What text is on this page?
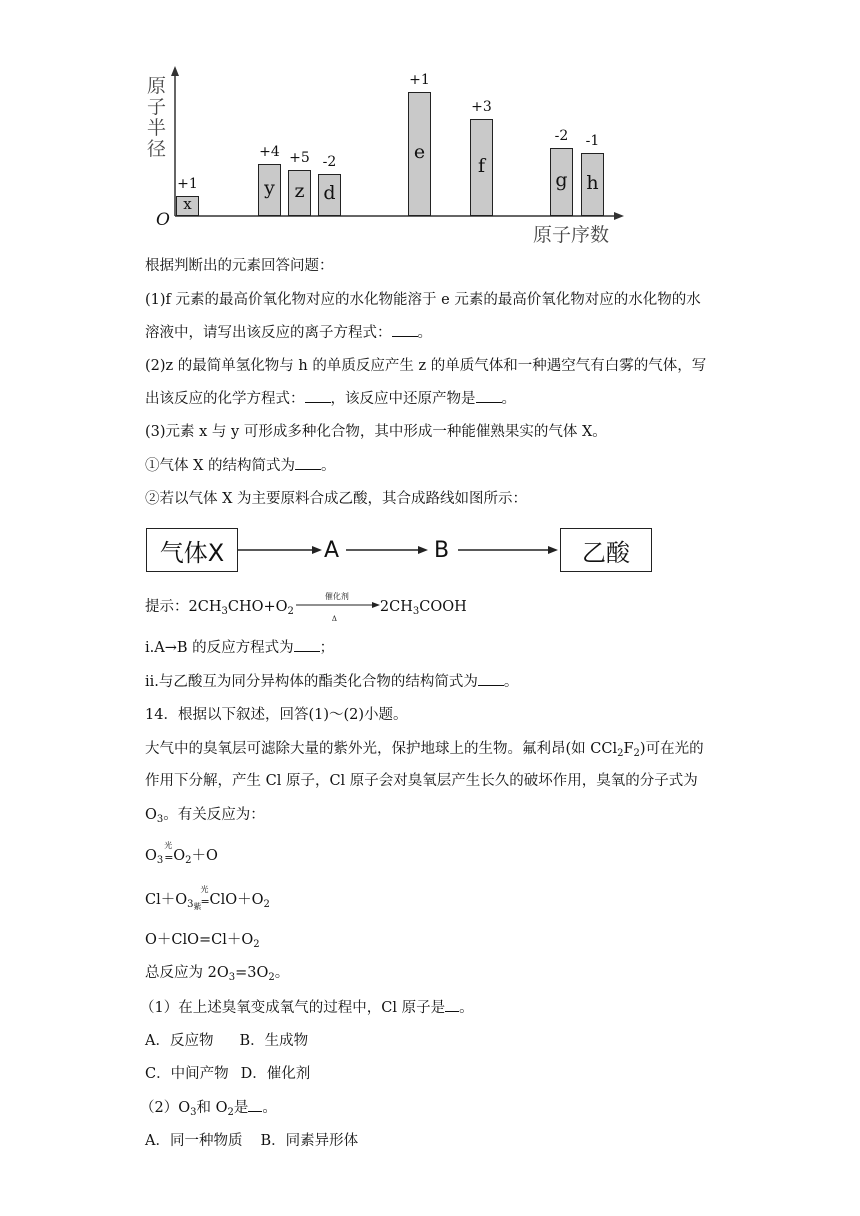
原
子
半
径
O
原子序数
x
+1	y
+4
z
+5
d
-2	e
+1
f
+3
g
-2
h
-1
根据判断出的元素回答问题：
(1)f 元素的最高价氧化物对应的水化物能溶于 e 元素的最高价氧化物对应的水化物的水
溶液中，请写出该反应的离子方程式： 。
(2)z 的最简单氢化物与 h 的单质反应产生 z 的单质气体和一种遇空气有白雾的气体，写
出该反应的化学方程式： ，该反应中还原产物是 。
(3)元素 x 与 y 可形成多种化合物，其中形成一种能催熟果实的气体 X。
①气体 X 的结构简式为 。
②若以气体 X 为主要原料合成乙酸，其合成路线如图所示：
气体X	A	B	乙酸
提示：$2CH_3CHO+O_2$
催化剂
Δ
$2CH_3COOH$
i.A→B 的反应方程式为 ；
ii.与乙酸互为同分异构体的酯类化合物的结构简式为 。
14．根据以下叙述，回答(1)～(2)小题。
大气中的臭氧层可滤除大量的紫外光，保护地球上的生物。氟利昂(如 $CCl_2F_2$)可在光的
作用下分解，产生 Cl 原子，Cl 原子会对臭氧层产生长久的破坏作用，臭氧的分子式为
$O_3$。有关反应为：
$O_3$
光
= $O_2+O$
$Cl+O_3$
光
紫 = $ClO+O_2$
$O+ClO=Cl+O_2$
总反应为 $2O_3=3O_2$。
（1）在上述臭氧变成氧气的过程中，Cl 原子是 。
A．反应物 B．生成物
C．中间产物 D．催化剂
$(2)O_3$和 $O_2$是 。
A．同一种物质 B．同素异形体
